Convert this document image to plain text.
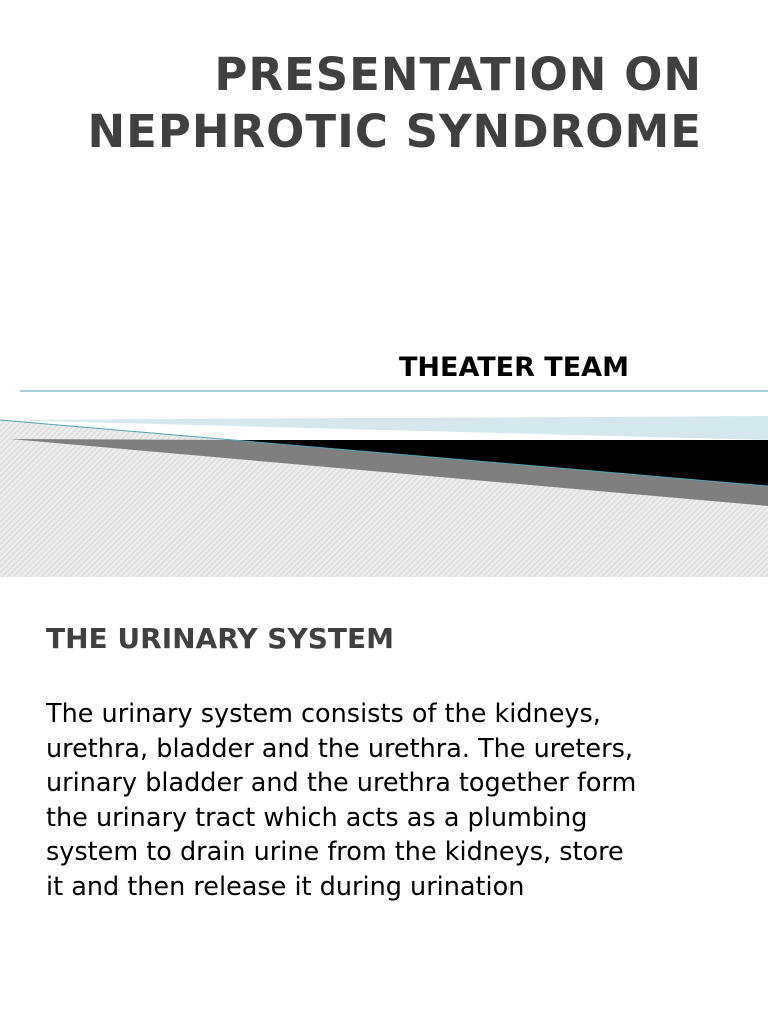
PRESENTATION ON
NEPHROTIC SYNDROME

THEATER TEAM

THE URINARY SYSTEM

The urinary system consists of the kidneys,
urethra, bladder and the urethra. The ureters,
urinary bladder and the urethra together form
the urinary tract which acts as a plumbing
system to drain urine from the kidneys, store
it and then release it during urination
